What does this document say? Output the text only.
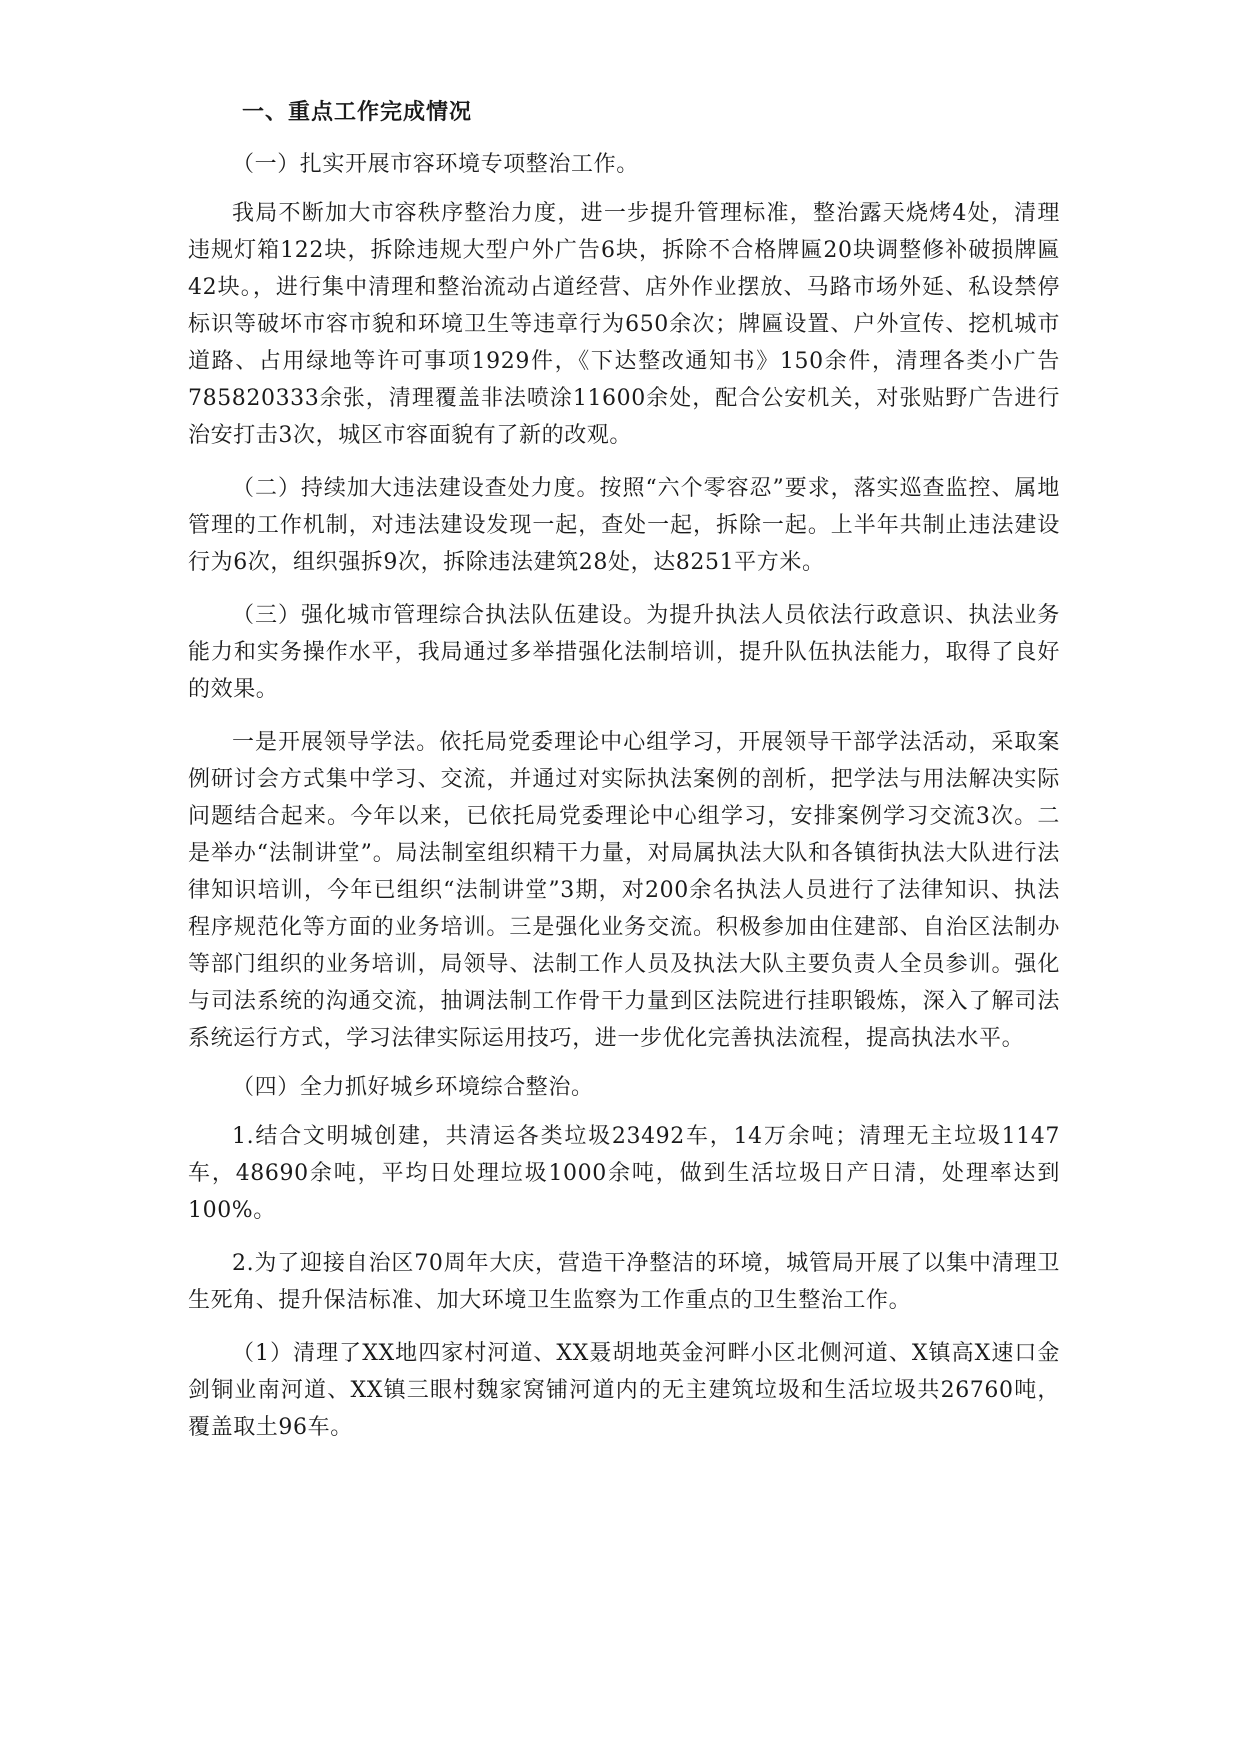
一、重点工作完成情况

（一）扎实开展市容环境专项整治工作。

我局不断加大市容秩序整治力度，进一步提升管理标准，整治露天烧烤4处，清理违规灯箱122块，拆除违规大型户外广告6块，拆除不合格牌匾20块调整修补破损牌匾42块。，进行集中清理和整治流动占道经营、店外作业摆放、马路市场外延、私设禁停标识等破坏市容市貌和环境卫生等违章行为650余次；牌匾设置、户外宣传、挖机城市道路、占用绿地等许可事项1929件，《下达整改通知书》150余件，清理各类小广告785820333余张，清理覆盖非法喷涂11600余处，配合公安机关，对张贴野广告进行治安打击3次，城区市容面貌有了新的改观。

（二）持续加大违法建设查处力度。按照“六个零容忍”要求，落实巡查监控、属地管理的工作机制，对违法建设发现一起，查处一起，拆除一起。上半年共制止违法建设行为6次，组织强拆9次，拆除违法建筑28处，达8251平方米。

（三）强化城市管理综合执法队伍建设。为提升执法人员依法行政意识、执法业务能力和实务操作水平，我局通过多举措强化法制培训，提升队伍执法能力，取得了良好的效果。

一是开展领导学法。依托局党委理论中心组学习，开展领导干部学法活动，采取案例研讨会方式集中学习、交流，并通过对实际执法案例的剖析，把学法与用法解决实际问题结合起来。今年以来，已依托局党委理论中心组学习，安排案例学习交流3次。二是举办“法制讲堂”。局法制室组织精干力量，对局属执法大队和各镇街执法大队进行法律知识培训，今年已组织“法制讲堂”3期，对200余名执法人员进行了法律知识、执法程序规范化等方面的业务培训。三是强化业务交流。积极参加由住建部、自治区法制办等部门组织的业务培训，局领导、法制工作人员及执法大队主要负责人全员参训。强化与司法系统的沟通交流，抽调法制工作骨干力量到区法院进行挂职锻炼，深入了解司法系统运行方式，学习法律实际运用技巧，进一步优化完善执法流程，提高执法水平。

（四）全力抓好城乡环境综合整治。

1.结合文明城创建，共清运各类垃圾23492车，14万余吨；清理无主垃圾1147车，48690余吨，平均日处理垃圾1000余吨，做到生活垃圾日产日清，处理率达到100%。

2.为了迎接自治区70周年大庆，营造干净整洁的环境，城管局开展了以集中清理卫生死角、提升保洁标准、加大环境卫生监察为工作重点的卫生整治工作。

（1）清理了XX地四家村河道、XX聂胡地英金河畔小区北侧河道、X镇高X速口金剑铜业南河道、XX镇三眼村魏家窝铺河道内的无主建筑垃圾和生活垃圾共26760吨，覆盖取土96车。
